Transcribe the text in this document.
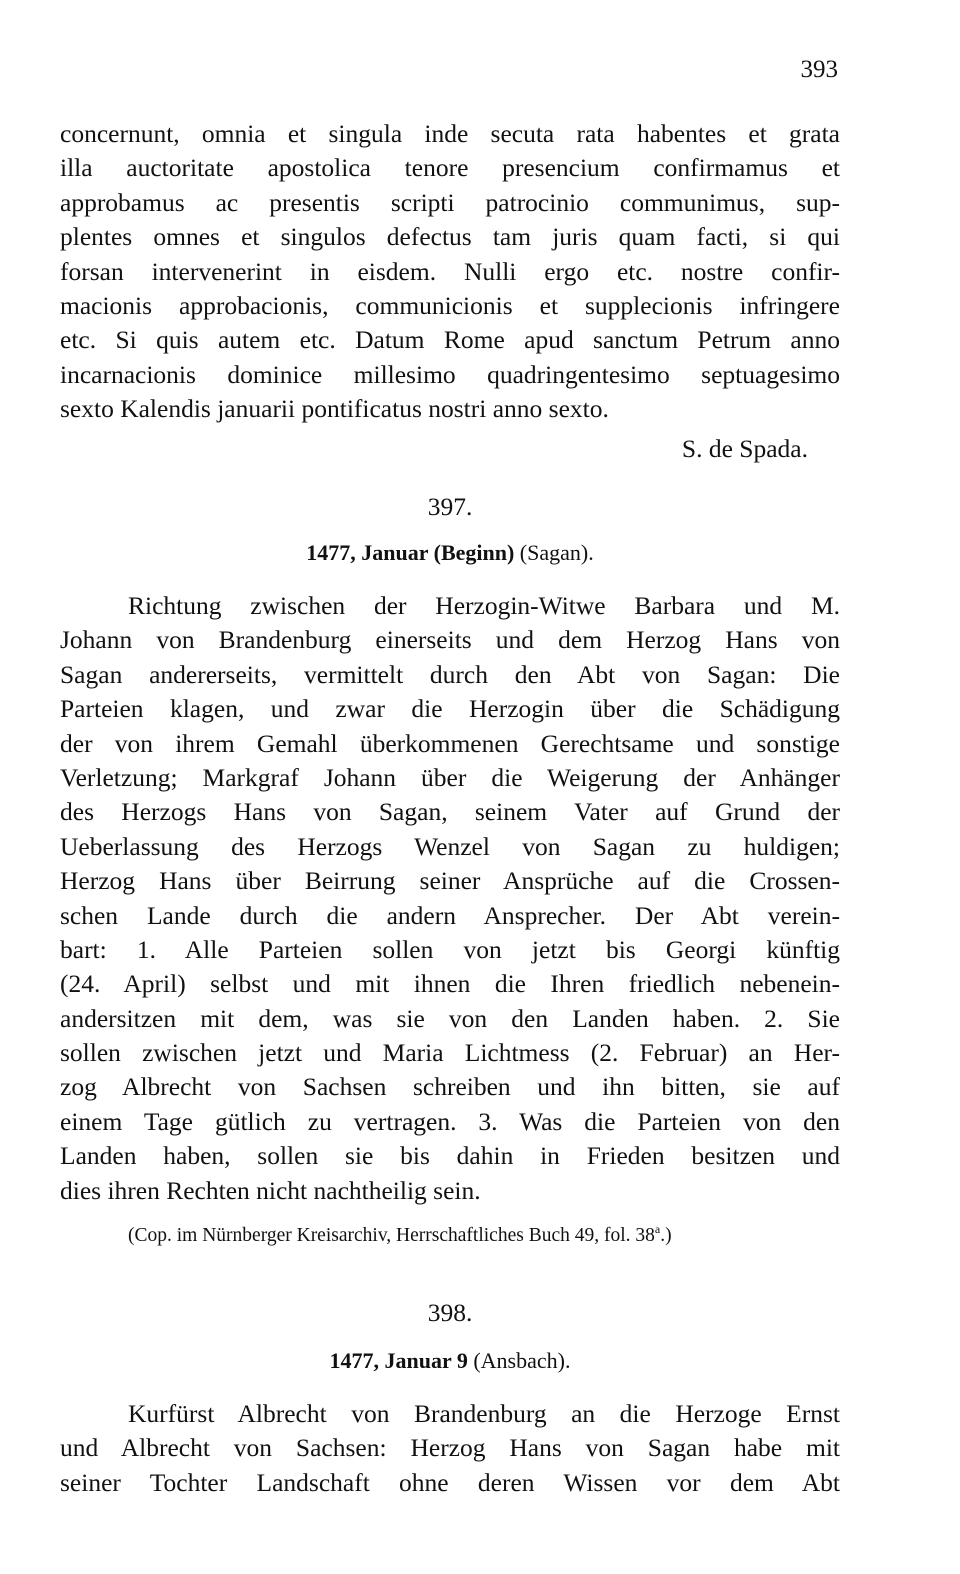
393
concernunt, omnia et singula inde secuta rata habentes et grata
illa auctoritate apostolica tenore presencium confirmamus et
approbamus ac presentis scripti patrocinio communimus, sup-
plentes omnes et singulos defectus tam juris quam facti, si qui
forsan intervenerint in eisdem. Nulli ergo etc. nostre confir-
macionis approbacionis, communicionis et supplecionis infringere
etc. Si quis autem etc. Datum Rome apud sanctum Petrum anno
incarnacionis dominice millesimo quadringentesimo septuagesimo
sexto Kalendis januarii pontificatus nostri anno sexto.
S. de Spada.
397.
1477, Januar (Beginn) (Sagan).
Richtung zwischen der Herzogin-Witwe Barbara und M.
Johann von Brandenburg einerseits und dem Herzog Hans von
Sagan andererseits, vermittelt durch den Abt von Sagan: Die
Parteien klagen, und zwar die Herzogin über die Schädigung
der von ihrem Gemahl überkommenen Gerechtsame und sonstige
Verletzung; Markgraf Johann über die Weigerung der Anhänger
des Herzogs Hans von Sagan, seinem Vater auf Grund der
Ueberlassung des Herzogs Wenzel von Sagan zu huldigen;
Herzog Hans über Beirrung seiner Ansprüche auf die Crossen-
schen Lande durch die andern Ansprecher. Der Abt verein-
bart: 1. Alle Parteien sollen von jetzt bis Georgi künftig
(24. April) selbst und mit ihnen die Ihren friedlich nebenein-
andersitzen mit dem, was sie von den Landen haben. 2. Sie
sollen zwischen jetzt und Maria Lichtmess (2. Februar) an Her-
zog Albrecht von Sachsen schreiben und ihn bitten, sie auf
einem Tage gütlich zu vertragen. 3. Was die Parteien von den
Landen haben, sollen sie bis dahin in Frieden besitzen und
dies ihren Rechten nicht nachtheilig sein.
(Cop. im Nürnberger Kreisarchiv, Herrschaftliches Buch 49, fol. 38$^a$.)
398.
1477, Januar 9 (Ansbach).
Kurfürst Albrecht von Brandenburg an die Herzoge Ernst
und Albrecht von Sachsen: Herzog Hans von Sagan habe mit
seiner Tochter Landschaft ohne deren Wissen vor dem Abt
